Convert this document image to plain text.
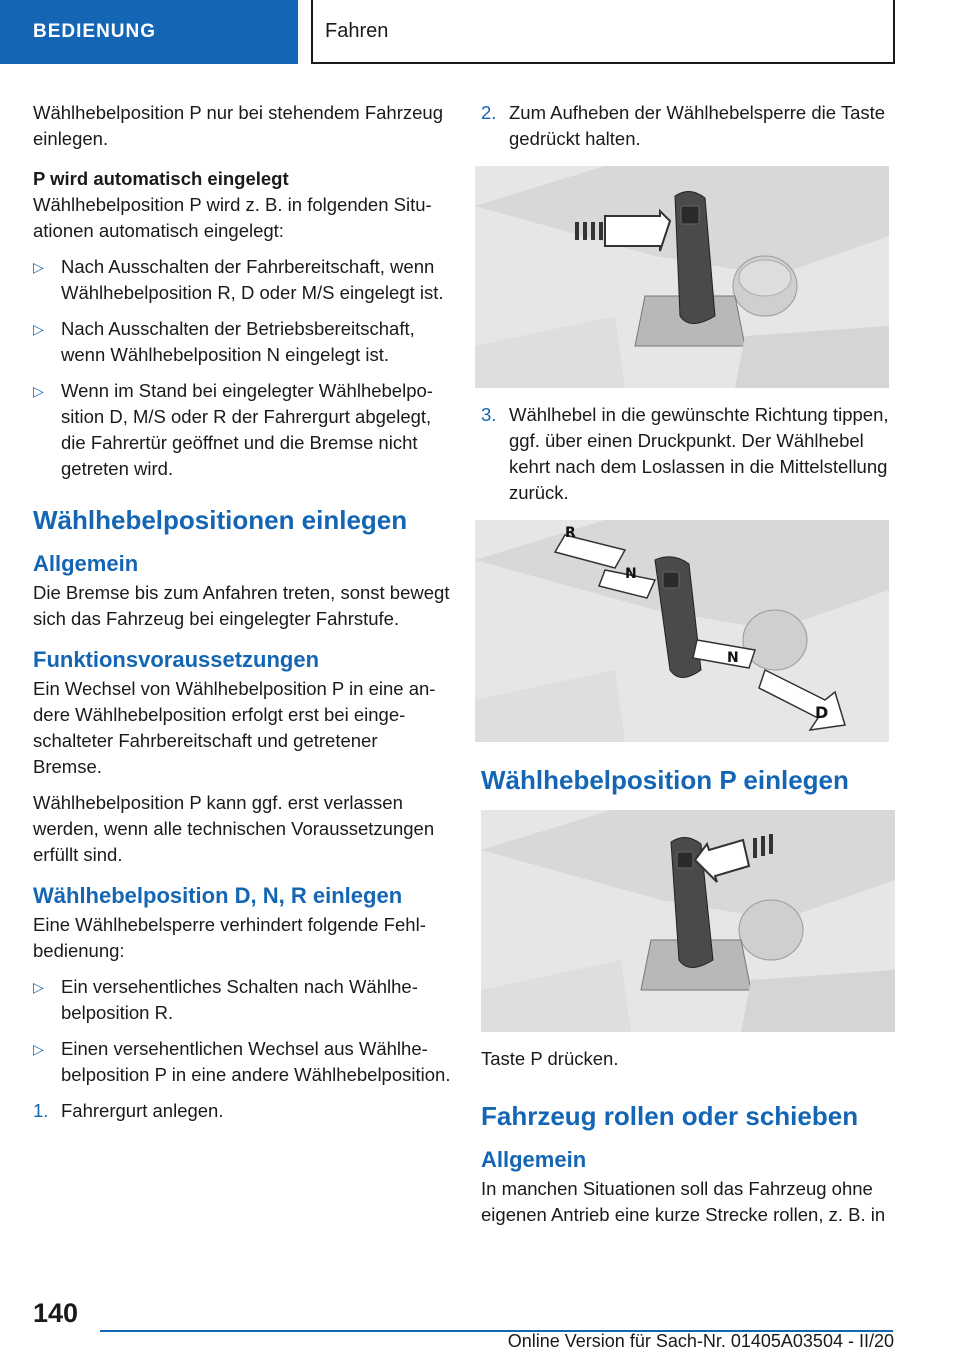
BEDIENUNG	Fahren

Wählhebelposition P nur bei stehendem Fahrzeug einlegen.

P wird automatisch eingelegt

Wählhebelposition P wird z. B. in folgenden Situationen automatisch eingelegt:

▷ Nach Ausschalten der Fahrbereitschaft, wenn Wählhebelposition R, D oder M/S eingelegt ist.
▷ Nach Ausschalten der Betriebsbereitschaft, wenn Wählhebelposition N eingelegt ist.
▷ Wenn im Stand bei eingelegter Wählhebelposition D, M/S oder R der Fahrergurt abgelegt, die Fahrertür geöffnet und die Bremse nicht getreten wird.
Wählhebelpositionen einlegen
Allgemein

Die Bremse bis zum Anfahren treten, sonst bewegt sich das Fahrzeug bei eingelegter Fahrstufe.

Funktionsvoraussetzungen

Ein Wechsel von Wählhebelposition P in eine andere Wählhebelposition erfolgt erst bei eingeschalteter Fahrbereitschaft und getretener Bremse.

Wählhebelposition P kann ggf. erst verlassen werden, wenn alle technischen Voraussetzungen erfüllt sind.

Wählhebelposition D, N, R einlegen

Eine Wählhebelsperre verhindert folgende Fehlbedienung:

▷ Ein versehentliches Schalten nach Wählhebelposition R.
▷ Einen versehentlichen Wechsel aus Wählhebelposition P in eine andere Wählhebelposition.
1. Fahrergurt anlegen.
2. Zum Aufheben der Wählhebelsperre die Taste gedrückt halten.
3. Wählhebel in die gewünschte Richtung tippen, ggf. über einen Druckpunkt. Der Wählhebel kehrt nach dem Loslassen in die Mittelstellung zurück.
R
N
N
D
Wählhebelposition P einlegen

Taste P drücken.

Fahrzeug rollen oder schieben
Allgemein

In manchen Situationen soll das Fahrzeug ohne eigenen Antrieb eine kurze Strecke rollen, z. B. in

140
Online Version für Sach-Nr. 01405A03504 - II/20
